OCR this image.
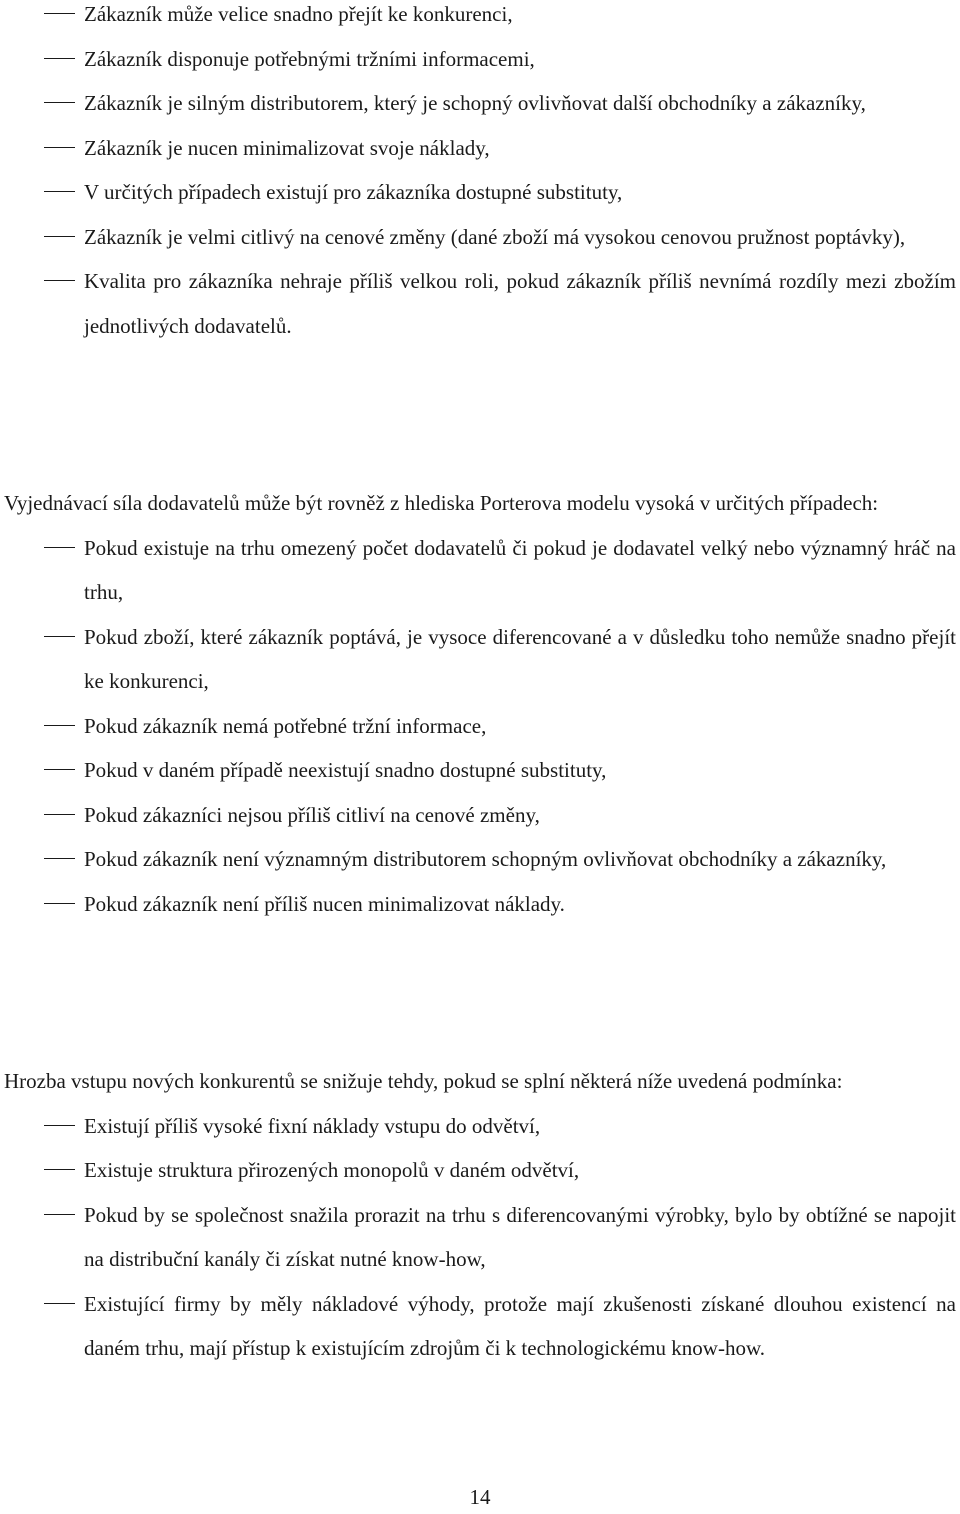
Zákazník může velice snadno přejít ke konkurenci,
Zákazník disponuje potřebnými tržními informacemi,
Zákazník je silným distributorem, který je schopný ovlivňovat další obchodníky a zákazníky,
Zákazník je nucen minimalizovat svoje náklady,
V určitých případech existují pro zákazníka dostupné substituty,
Zákazník je velmi citlivý na cenové změny (dané zboží má vysokou cenovou pružnost poptávky),
Kvalita pro zákazníka nehraje příliš velkou roli, pokud zákazník příliš nevnímá rozdíly mezi zbožím jednotlivých dodavatelů.

Vyjednávací síla dodavatelů může být rovněž z hlediska Porterova modelu vysoká v určitých případech:

Pokud existuje na trhu omezený počet dodavatelů či pokud je dodavatel velký nebo významný hráč na trhu,
Pokud zboží, které zákazník poptává, je vysoce diferencované a v důsledku toho nemůže snadno přejít ke konkurenci,
Pokud zákazník nemá potřebné tržní informace,
Pokud v daném případě neexistují snadno dostupné substituty,
Pokud zákazníci nejsou příliš citliví na cenové změny,
Pokud zákazník není významným distributorem schopným ovlivňovat obchodníky a zákazníky,
Pokud zákazník není příliš nucen minimalizovat náklady.

Hrozba vstupu nových konkurentů se snižuje tehdy, pokud se splní některá níže uvedená podmínka:

Existují příliš vysoké fixní náklady vstupu do odvětví,
Existuje struktura přirozených monopolů v daném odvětví,
Pokud by se společnost snažila prorazit na trhu s diferencovanými výrobky, bylo by obtížné se napojit na distribuční kanály či získat nutné know-how,
Existující firmy by měly nákladové výhody, protože mají zkušenosti získané dlouhou existencí na daném trhu, mají přístup k existujícím zdrojům či k technologickému know-how.
14
